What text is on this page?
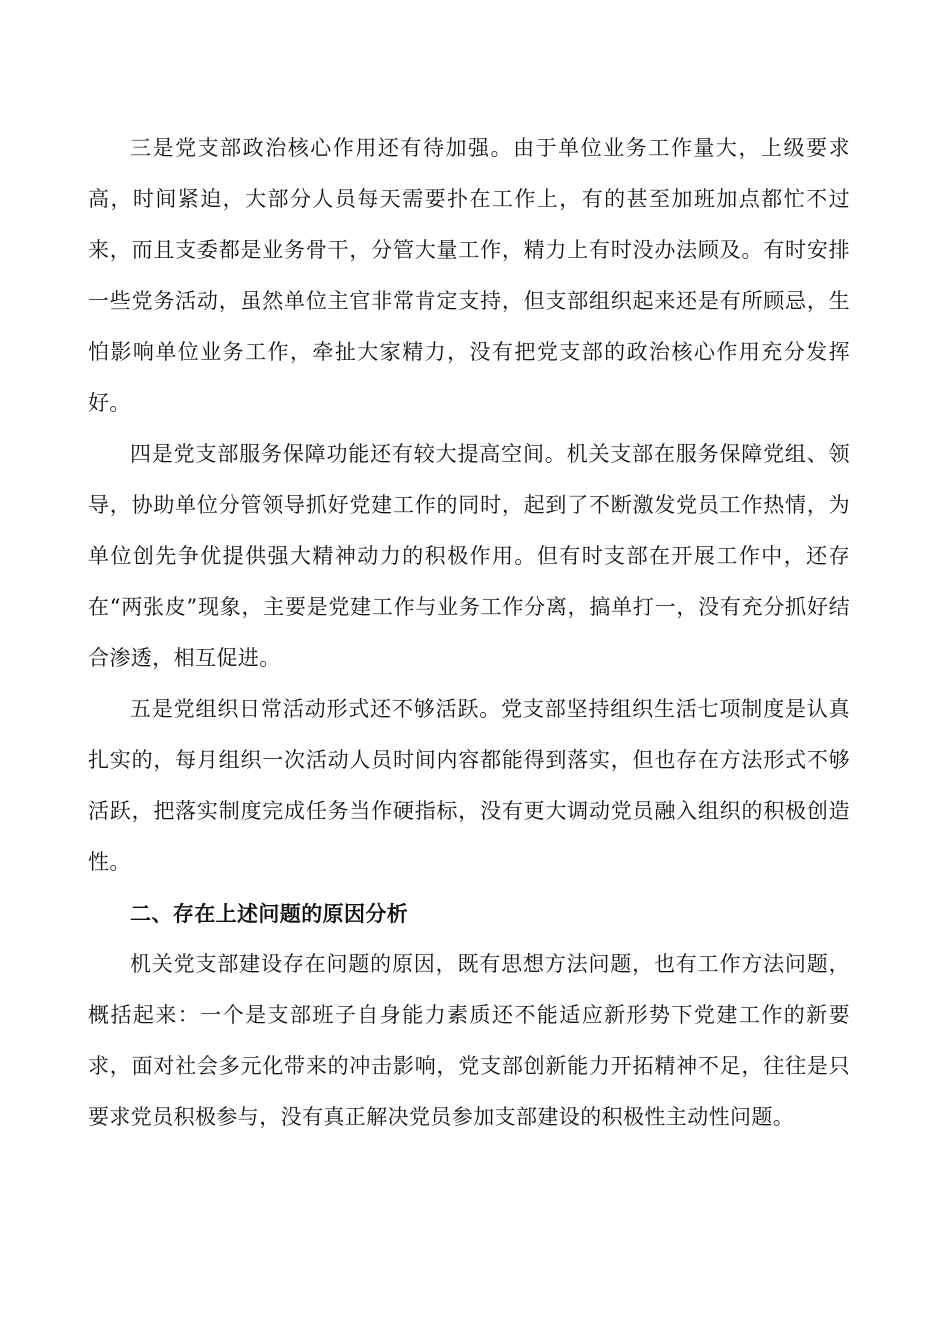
三是党支部政治核心作用还有待加强。由于单位业务工作量大，上级要求高，时间紧迫，大部分人员每天需要扑在工作上，有的甚至加班加点都忙不过来，而且支委都是业务骨干，分管大量工作，精力上有时没办法顾及。有时安排一些党务活动，虽然单位主官非常肯定支持，但支部组织起来还是有所顾忌，生怕影响单位业务工作，牵扯大家精力，没有把党支部的政治核心作用充分发挥好。

四是党支部服务保障功能还有较大提高空间。机关支部在服务保障党组、领导，协助单位分管领导抓好党建工作的同时，起到了不断激发党员工作热情，为单位创先争优提供强大精神动力的积极作用。但有时支部在开展工作中，还存在“两张皮”现象，主要是党建工作与业务工作分离，搞单打一，没有充分抓好结合渗透，相互促进。

五是党组织日常活动形式还不够活跃。党支部坚持组织生活七项制度是认真扎实的，每月组织一次活动人员时间内容都能得到落实，但也存在方法形式不够活跃，把落实制度完成任务当作硬指标，没有更大调动党员融入组织的积极创造性。

二、存在上述问题的原因分析

机关党支部建设存在问题的原因，既有思想方法问题，也有工作方法问题，概括起来：一个是支部班子自身能力素质还不能适应新形势下党建工作的新要求，面对社会多元化带来的冲击影响，党支部创新能力开拓精神不足，往往是只要求党员积极参与，没有真正解决党员参加支部建设的积极性主动性问题。
